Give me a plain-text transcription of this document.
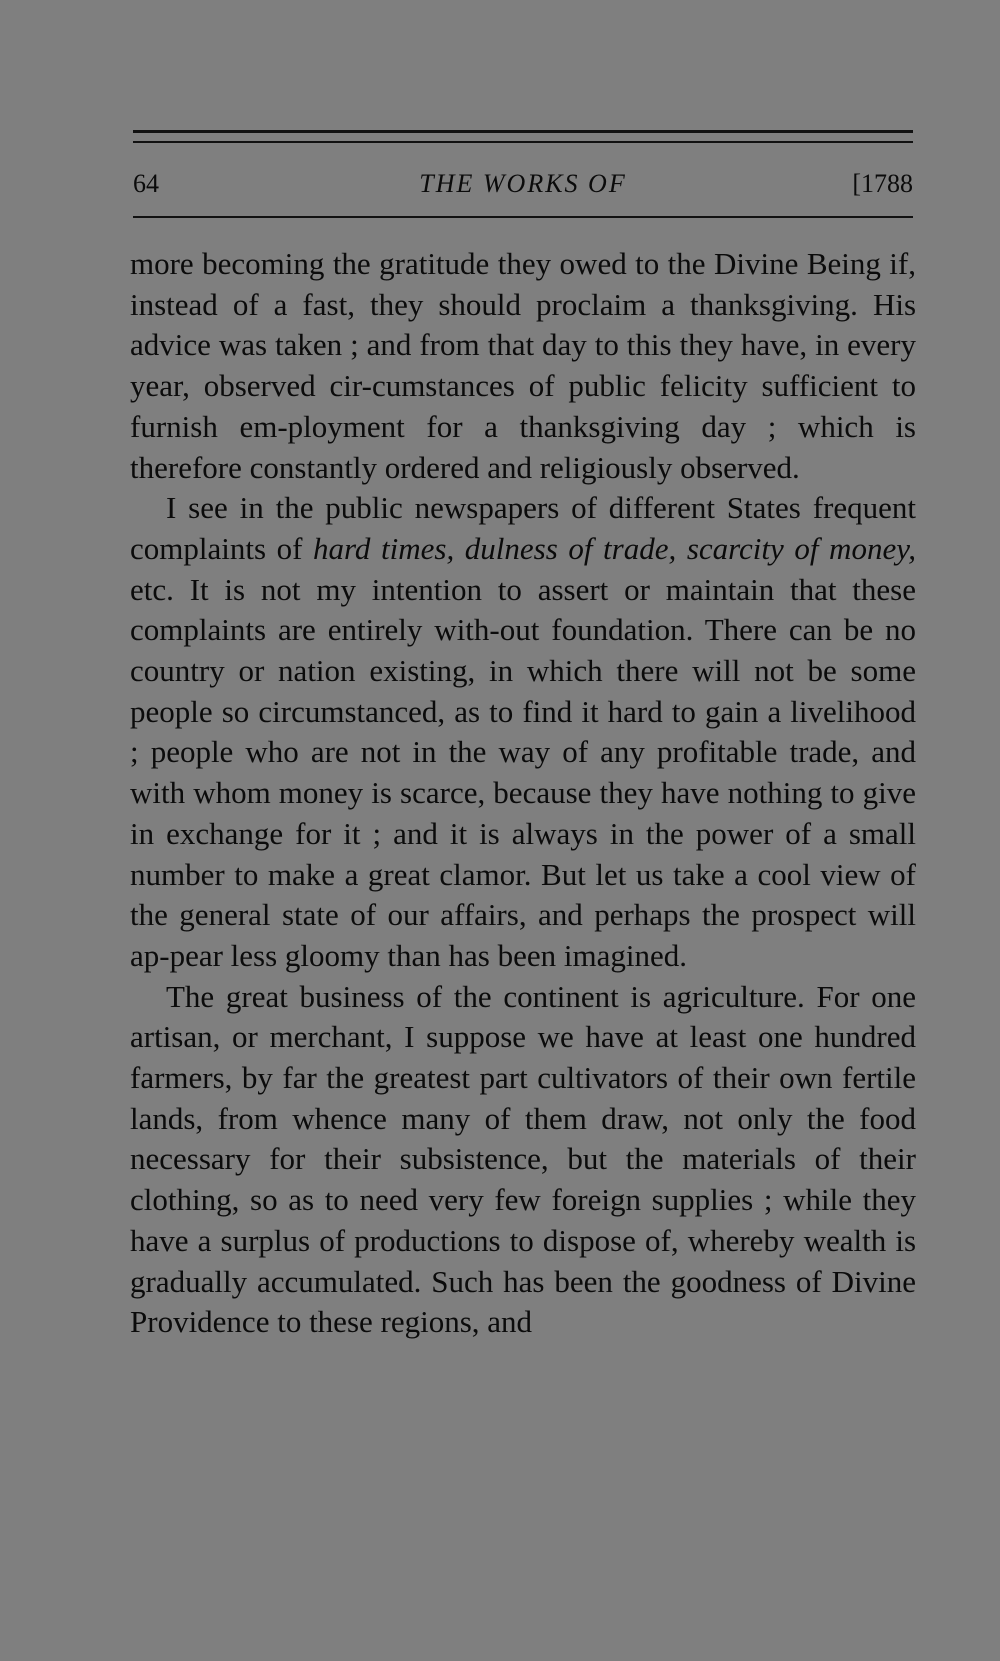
64	THE WORKS OF	[1788

more becoming the gratitude they owed to the Divine Being if, instead of a fast, they should proclaim a thanksgiving. His advice was taken ; and from that day to this they have, in every year, observed cir-cumstances of public felicity sufficient to furnish em-ployment for a thanksgiving day ; which is therefore constantly ordered and religiously observed.

I see in the public newspapers of different States frequent complaints of hard times, dulness of trade, scarcity of money, etc. It is not my intention to assert or maintain that these complaints are entirely with-out foundation. There can be no country or nation existing, in which there will not be some people so circumstanced, as to find it hard to gain a livelihood ; people who are not in the way of any profitable trade, and with whom money is scarce, because they have nothing to give in exchange for it ; and it is always in the power of a small number to make a great clamor. But let us take a cool view of the general state of our affairs, and perhaps the prospect will ap-pear less gloomy than has been imagined.

The great business of the continent is agriculture. For one artisan, or merchant, I suppose we have at least one hundred farmers, by far the greatest part cultivators of their own fertile lands, from whence many of them draw, not only the food necessary for their subsistence, but the materials of their clothing, so as to need very few foreign supplies ; while they have a surplus of productions to dispose of, whereby wealth is gradually accumulated. Such has been the goodness of Divine Providence to these regions, and
